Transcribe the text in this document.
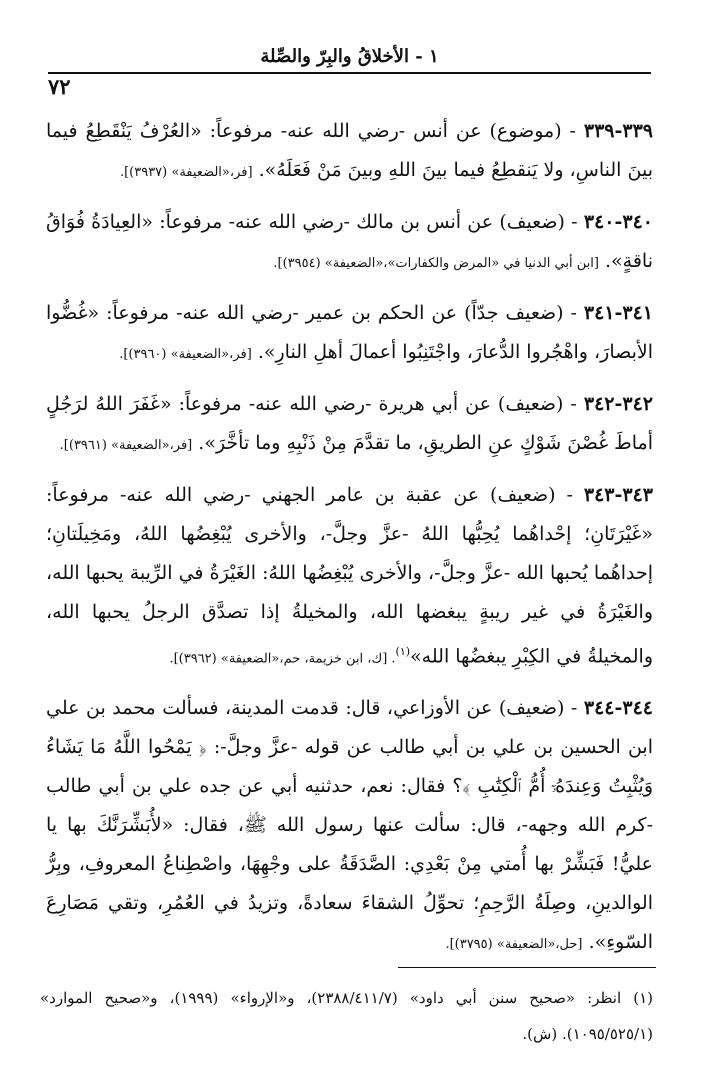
١ - الأخلاقُ والبِرّ والصِّلة
٧٢

٣٣٩-٣٣٩ - (موضوع) عن أنس -رضي الله عنه- مرفوعاً: «العُرْفُ يَنْقَطِعُ فيما بينَ الناسِ، ولا يَنقطِعُ فيما بينَ اللهِ وبينَ مَنْ فَعَلَهُ». [فر،«الضعيفة» (٣٩٣٧)].

٣٤٠-٣٤٠ - (ضعيف) عن أنس بن مالك -رضي الله عنه- مرفوعاً: «العِيادَةُ فُوَاقُ ناقةٍ». [ابن أبي الدنيا في «المرض والكفارات»،«الضعيفة» (٣٩٥٤)].

٣٤١-٣٤١ - (ضعيف جدّاً) عن الحكم بن عمير -رضي الله عنه- مرفوعاً: «غُضُّوا الأبصارَ، واهْجُروا الدُّعارَ، واجْتَنِبُوا أعمالَ أهلِ النارِ». [فر،«الضعيفة» (٣٩٦٠)].

٣٤٢-٣٤٢ - (ضعيف) عن أبي هريرة -رضي الله عنه- مرفوعاً: «غَفَرَ اللهُ لرَجُلٍ أماطَ غُصْنَ شَوْكٍ عنِ الطريقِ، ما تقدَّمَ مِنْ ذَنْبِهِ وما تأخَّرَ». [فر،«الضعيفة» (٣٩٦١)].

٣٤٣-٣٤٣ - (ضعيف) عن عقبة بن عامر الجهني -رضي الله عنه- مرفوعاً: «غَيْرَتَانِ؛ إحْداهُما يُحِبُّها اللهُ -عزَّ وجلَّ-، والأخرى يُبْغِضُها اللهُ، ومَخِيلَتانِ؛ إحداهُما يُحبها الله -عزَّ وجلَّ-، والأخرى يُبْغِضُها اللهُ: الغَيْرَةُ في الرِّيبة يحبها الله، والغَيْرَةُ في غير ريبةٍ يبغضها الله، والمخيلةُ إذا تصدَّق الرجلُ يحبها الله، والمخيلةُ في الكِبْرِ يبغضُها الله»$^{(١)}$. [ك، ابن خزيمة، حم،«الضعيفة» (٣٩٦٢)].

٣٤٤-٣٤٤ - (ضعيف) عن الأوزاعي، قال: قدمت المدينة، فسألت محمد بن علي ابن الحسين بن علي بن أبي طالب عن قوله -عزَّ وجلَّ-: ﴿ يَمْحُوا اللَّهُ مَا يَشَاءُ وَيُثْبِتُ وَعِندَهُۥٓ أُمُّ ٱلْكِتَٰبِ ﴾؟ فقال: نعم، حدثنيه أبي عن جده علي بن أبي طالب -كرم الله وجهه-، قال: سألت عنها رسول الله ﷺ، فقال: «لأُبَشِّرَنَّكَ بها يا عليُّ! فَبَشِّرْ بها أُمتي مِنْ بَعْدِي: الصَّدَقَةُ على وجْهِهَا، واصْطِناعُ المعروفِ، وبِرُّ الوالدينِ، وصِلَةُ الرَّحِمِ؛ تحوِّلُ الشقاءَ سعادةً، وتزيدُ في العُمُرِ، وتقي مَصَارِعَ السّوءِ». [حل،«الضعيفة» (٣٧٩٥)].

(١) انظر: «صحيح سنن أبي داود» (٢٣٨٨/٤١١/٧)، و«الإرواء» (١٩٩٩)، و«صحيح الموارد» (١٠٩٥/٥٢٥/١). (ش).
